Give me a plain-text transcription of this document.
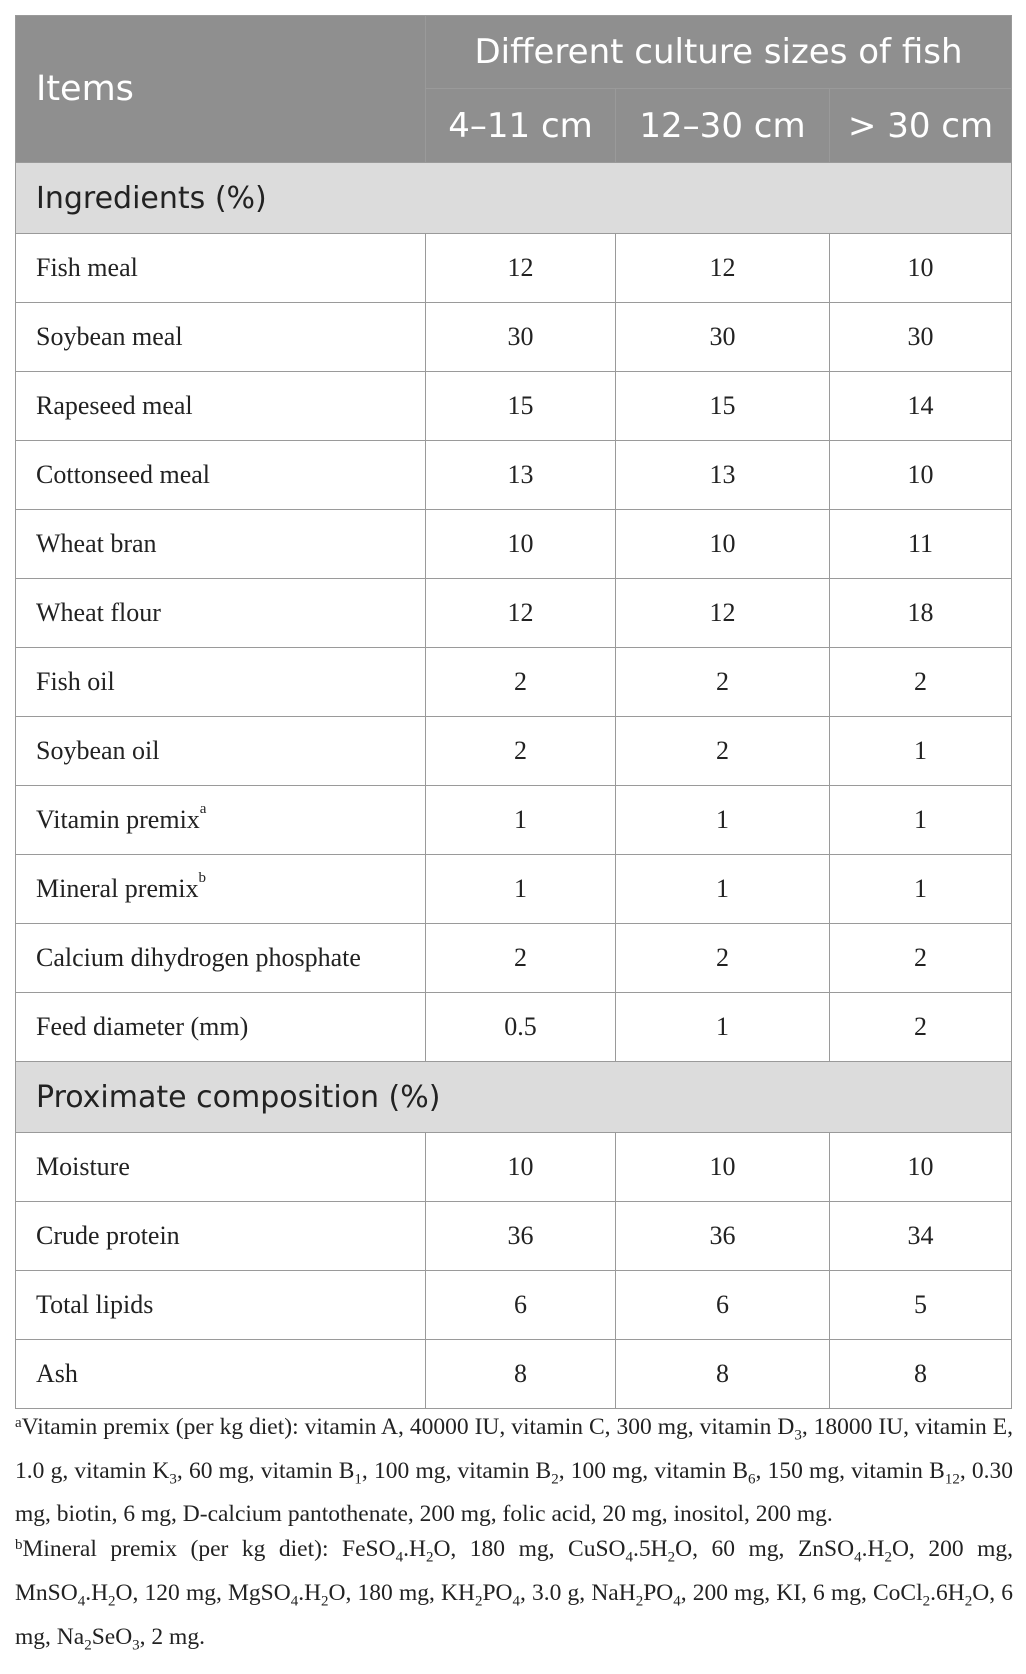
Items	Different culture sizes of fish		
	4–11 cm	12–30 cm	> 30 cm
Ingredients (%)			
Fish meal	12	12	10
Soybean meal	30	30	30
Rapeseed meal	15	15	14
Cottonseed meal	13	13	10
Wheat bran	10	10	11
Wheat flour	12	12	18
Fish oil	2	2	2
Soybean oil	2	2	1
Vitamin premix$^a$	1	1	1
Mineral premix$^b$	1	1	1
Calcium dihydrogen phosphate	2	2	2
Feed diameter (mm)	0.5	1	2
Proximate composition (%)			
Moisture	10	10	10
Crude protein	36	36	34
Total lipids	6	6	5
Ash	8	8	8

$^a$Vitamin premix (per kg diet): vitamin A, 40000 IU, vitamin C, 300 mg, vitamin $D_3$, 18000 IU, vitamin E, 1.0 g, vitamin $K_3$, 60 mg, vitamin $B_1$, 100 mg, vitamin $B_2$, 100 mg, vitamin $B_6$, 150 mg, vitamin $B_{12}$, 0.30 mg, biotin, 6 mg, D-calcium pantothenate, 200 mg, folic acid, 20 mg, inositol, 200 mg.

$^b$Mineral premix (per kg diet): $FeSO_4.H_2O$, 180 mg, $CuSO_4.5H_2O$, 60 mg, $ZnSO_4.H_2O$, 200 mg, $MnSO_4.H_2O$, 120 mg, $MgSO_4.H_2O$, 180 mg, $KH_2PO_4$, 3.0 g, $NaH_2PO_4$, 200 mg, KI, 6 mg, $CoCl_2.6H_2O$, 6 mg, $Na_2SeO_3$, 2 mg.
